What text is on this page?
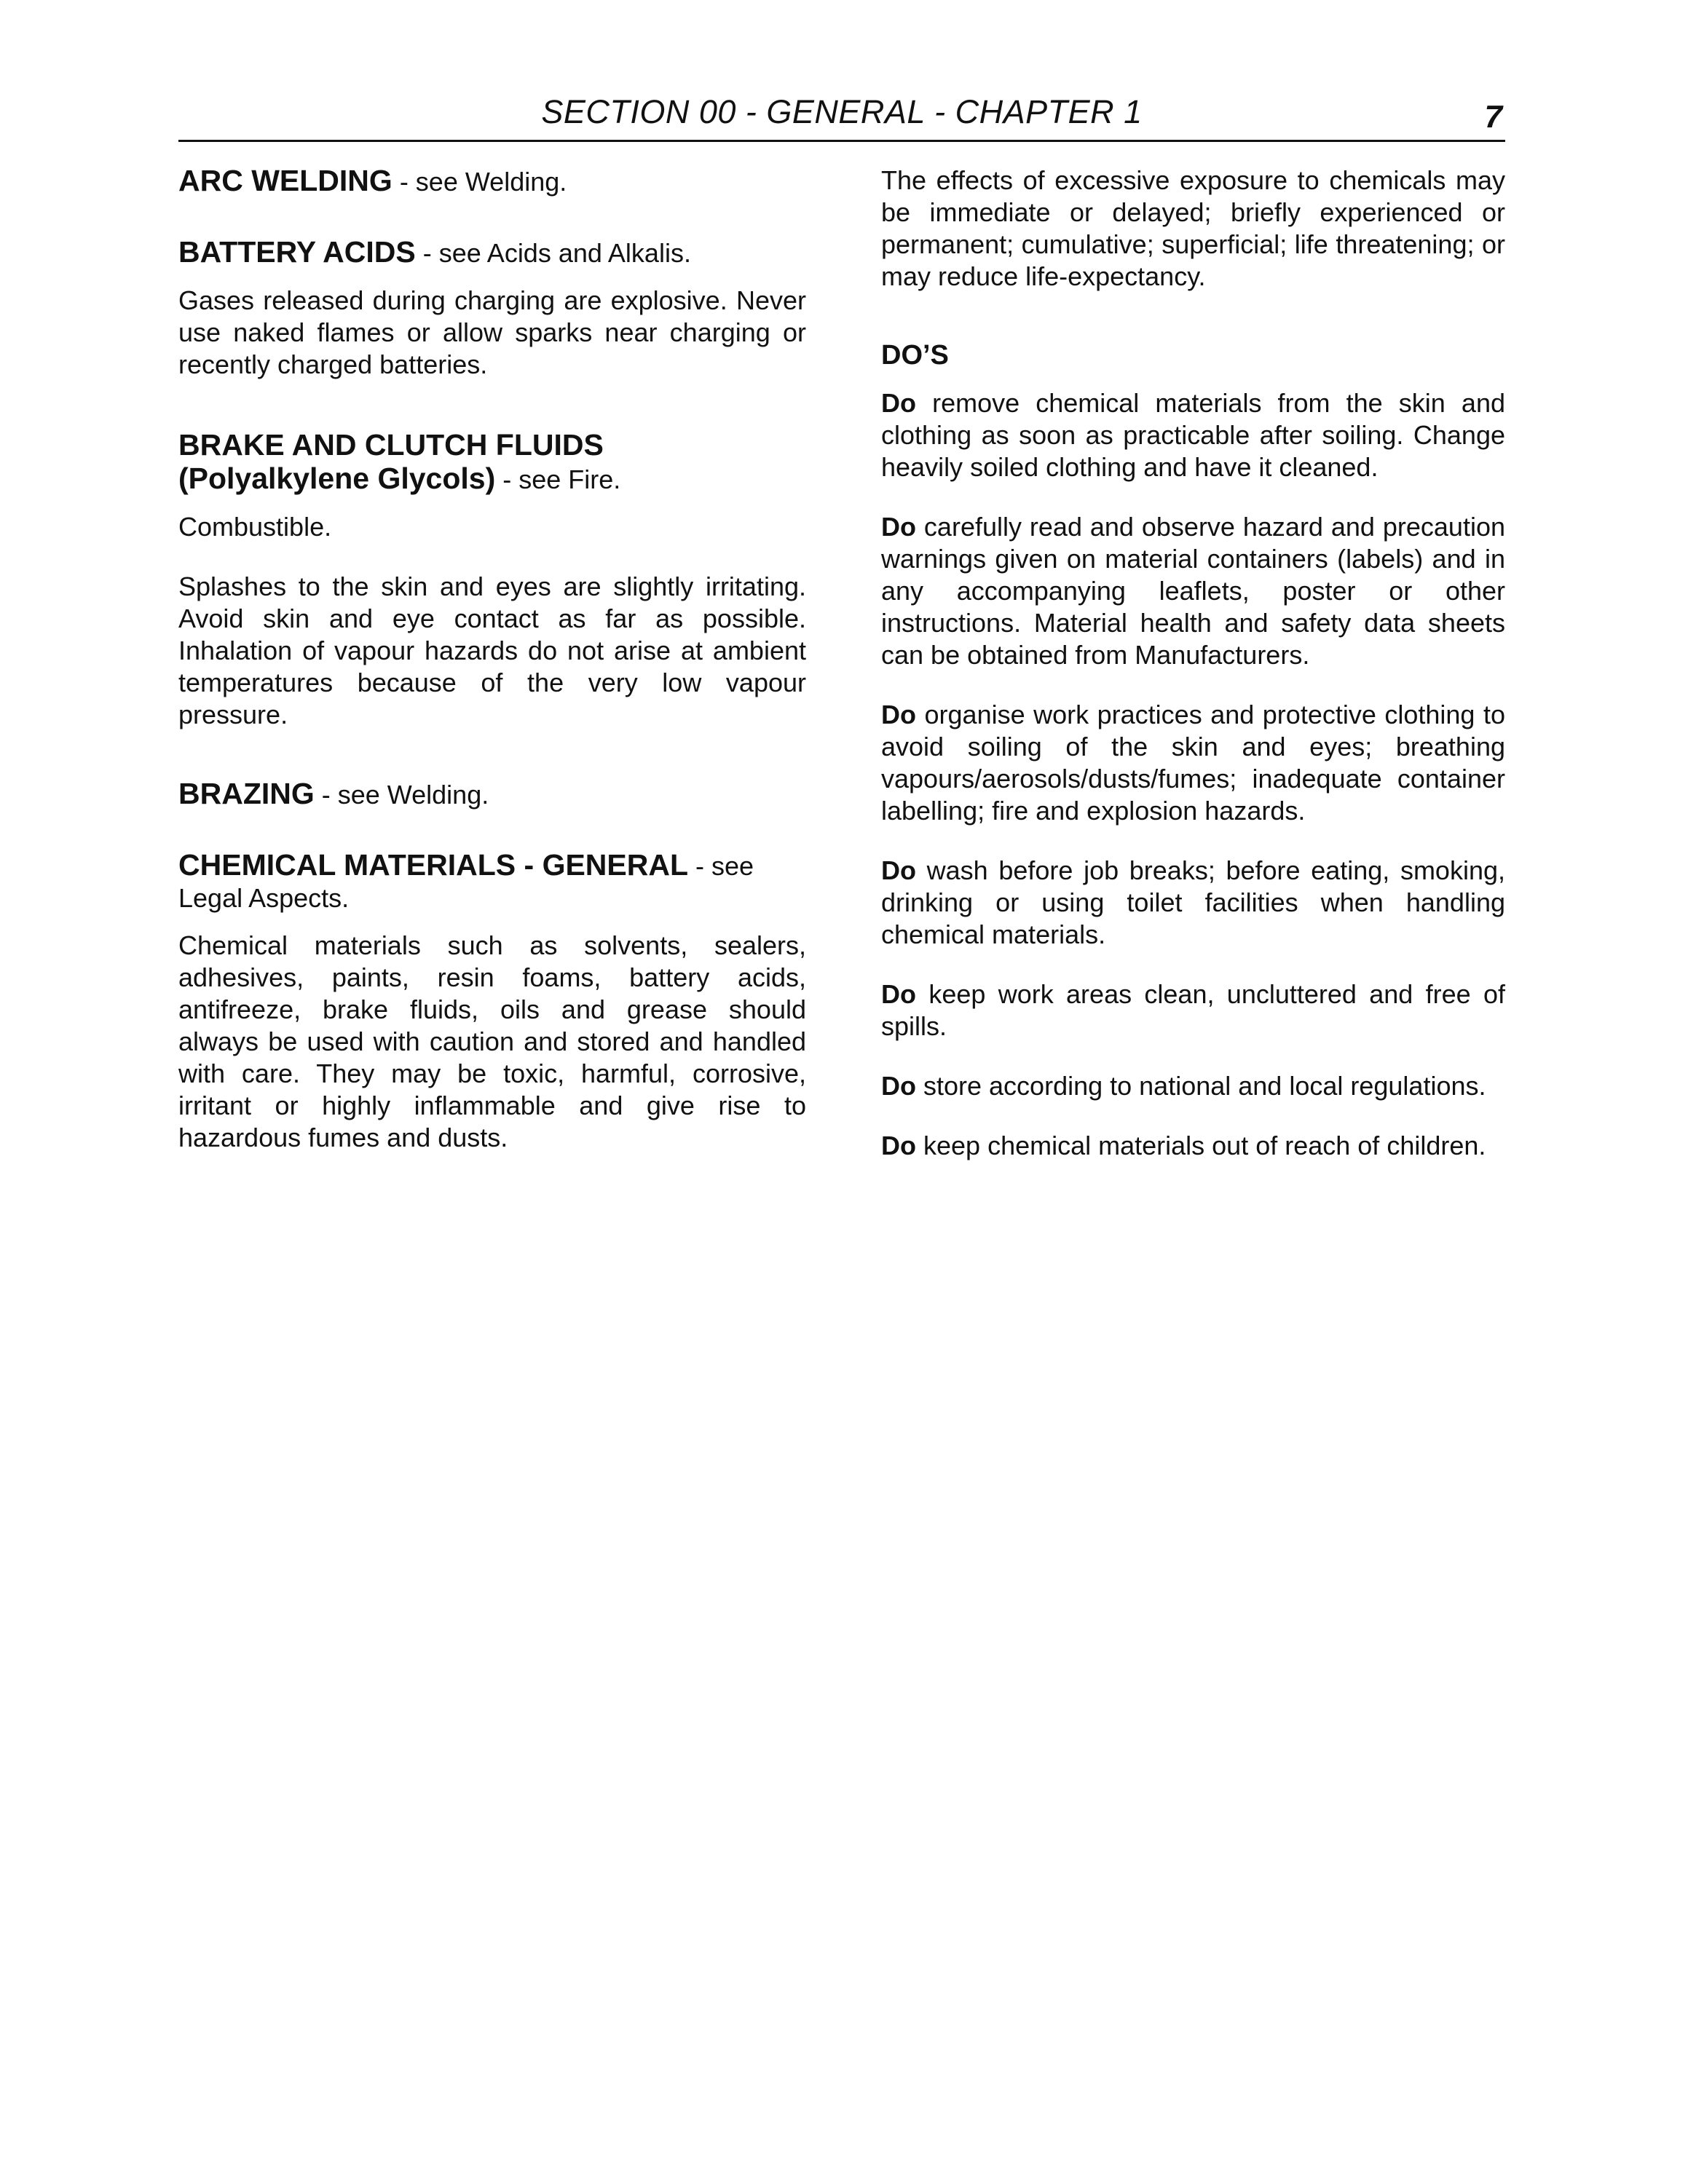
SECTION 00 - GENERAL - CHAPTER 1	7

ARC WELDING - see Welding.

BATTERY ACIDS - see Acids and Alkalis.

Gases released during charging are explosive. Never use naked flames or allow sparks near charging or recently charged batteries.

BRAKE AND CLUTCH FLUIDS
(Polyalkylene Glycols) - see Fire.

Combustible.

Splashes to the skin and eyes are slightly irritating. Avoid skin and eye contact as far as possible. Inhalation of vapour hazards do not arise at ambient temperatures because of the very low vapour pressure.

BRAZING - see Welding.

CHEMICAL MATERIALS - GENERAL - see Legal Aspects.

Chemical materials such as solvents, sealers, adhesives, paints, resin foams, battery acids, antifreeze, brake fluids, oils and grease should always be used with caution and stored and handled with care. They may be toxic, harmful, corrosive, irritant or highly inflammable and give rise to hazardous fumes and dusts.

The effects of excessive exposure to chemicals may be immediate or delayed; briefly experienced or permanent; cumulative; superficial; life threatening; or may reduce life-expectancy.

DO’S

Do remove chemical materials from the skin and clothing as soon as practicable after soiling. Change heavily soiled clothing and have it cleaned.

Do carefully read and observe hazard and precaution warnings given on material containers (labels) and in any accompanying leaflets, poster or other instructions. Material health and safety data sheets can be obtained from Manufacturers.

Do organise work practices and protective clothing to avoid soiling of the skin and eyes; breathing vapours/aerosols/dusts/fumes; inadequate container labelling; fire and explosion hazards.

Do wash before job breaks; before eating, smoking, drinking or using toilet facilities when handling chemical materials.

Do keep work areas clean, uncluttered and free of spills.

Do store according to national and local regulations.

Do keep chemical materials out of reach of children.
